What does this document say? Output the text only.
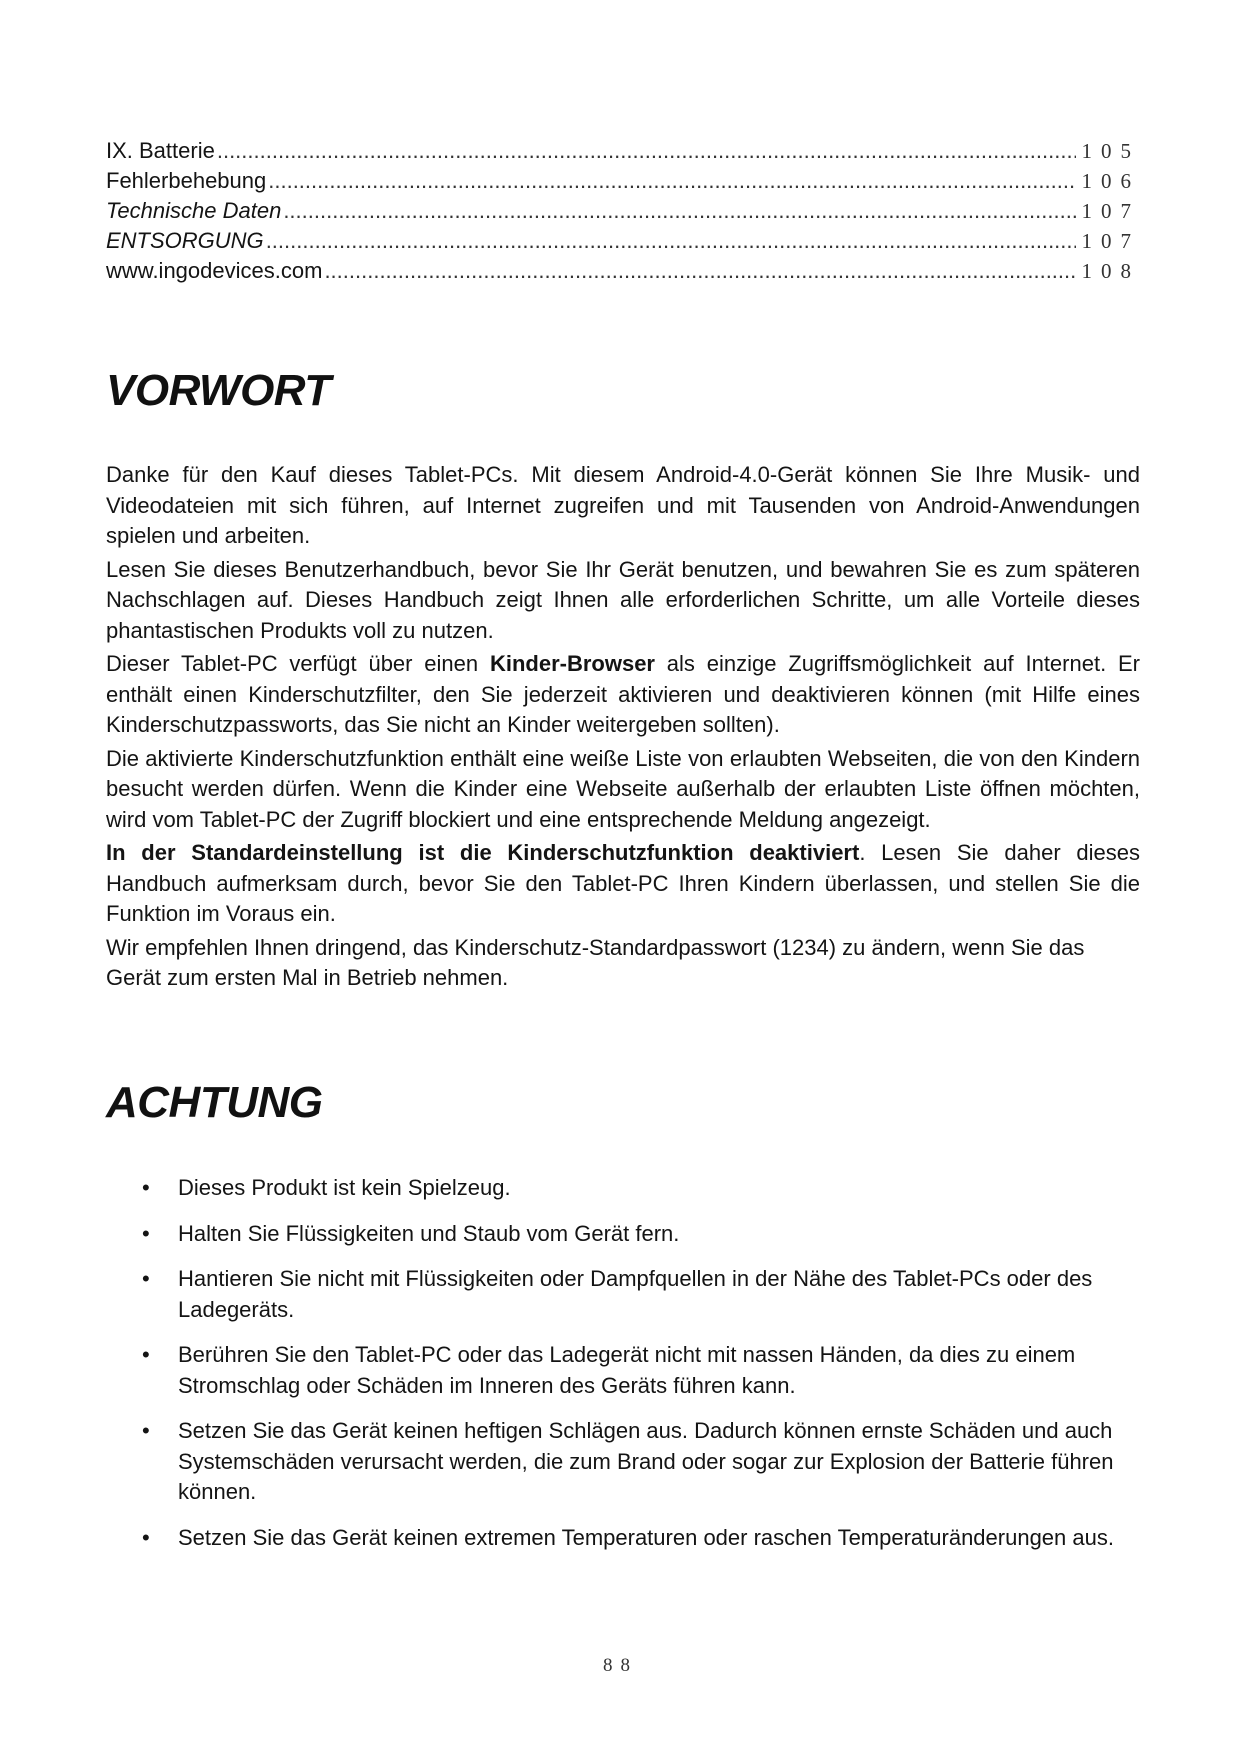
IX. Batterie .....	105
Fehlerbehebung .....	106
Technische Daten .....	107
ENTSORGUNG .....	107
www.ingodevices.com .....	108
VORWORT

Danke für den Kauf dieses Tablet-PCs. Mit diesem Android-4.0-Gerät können Sie Ihre Musik- und Videodateien mit sich führen, auf Internet zugreifen und mit Tausenden von Android-Anwendungen spielen und arbeiten.

Lesen Sie dieses Benutzerhandbuch, bevor Sie Ihr Gerät benutzen, und bewahren Sie es zum späteren Nachschlagen auf. Dieses Handbuch zeigt Ihnen alle erforderlichen Schritte, um alle Vorteile dieses phantastischen Produkts voll zu nutzen.

Dieser Tablet-PC verfügt über einen Kinder-Browser als einzige Zugriffsmöglichkeit auf Internet. Er enthält einen Kinderschutzfilter, den Sie jederzeit aktivieren und deaktivieren können (mit Hilfe eines Kinderschutzpassworts, das Sie nicht an Kinder weitergeben sollten).

Die aktivierte Kinderschutzfunktion enthält eine weiße Liste von erlaubten Webseiten, die von den Kindern besucht werden dürfen. Wenn die Kinder eine Webseite außerhalb der erlaubten Liste öffnen möchten, wird vom Tablet-PC der Zugriff blockiert und eine entsprechende Meldung angezeigt.

In der Standardeinstellung ist die Kinderschutzfunktion deaktiviert. Lesen Sie daher dieses Handbuch aufmerksam durch, bevor Sie den Tablet-PC Ihren Kindern überlassen, und stellen Sie die Funktion im Voraus ein.

Wir empfehlen Ihnen dringend, das Kinderschutz-Standardpasswort (1234) zu ändern, wenn Sie das Gerät zum ersten Mal in Betrieb nehmen.

ACHTUNG
• Dieses Produkt ist kein Spielzeug.
• Halten Sie Flüssigkeiten und Staub vom Gerät fern.
• Hantieren Sie nicht mit Flüssigkeiten oder Dampfquellen in der Nähe des Tablet-PCs oder des Ladegeräts.
• Berühren Sie den Tablet-PC oder das Ladegerät nicht mit nassen Händen, da dies zu einem Stromschlag oder Schäden im Inneren des Geräts führen kann.
• Setzen Sie das Gerät keinen heftigen Schlägen aus. Dadurch können ernste Schäden und auch Systemschäden verursacht werden, die zum Brand oder sogar zur Explosion der Batterie führen können.
• Setzen Sie das Gerät keinen extremen Temperaturen oder raschen Temperaturänderungen aus.
88
